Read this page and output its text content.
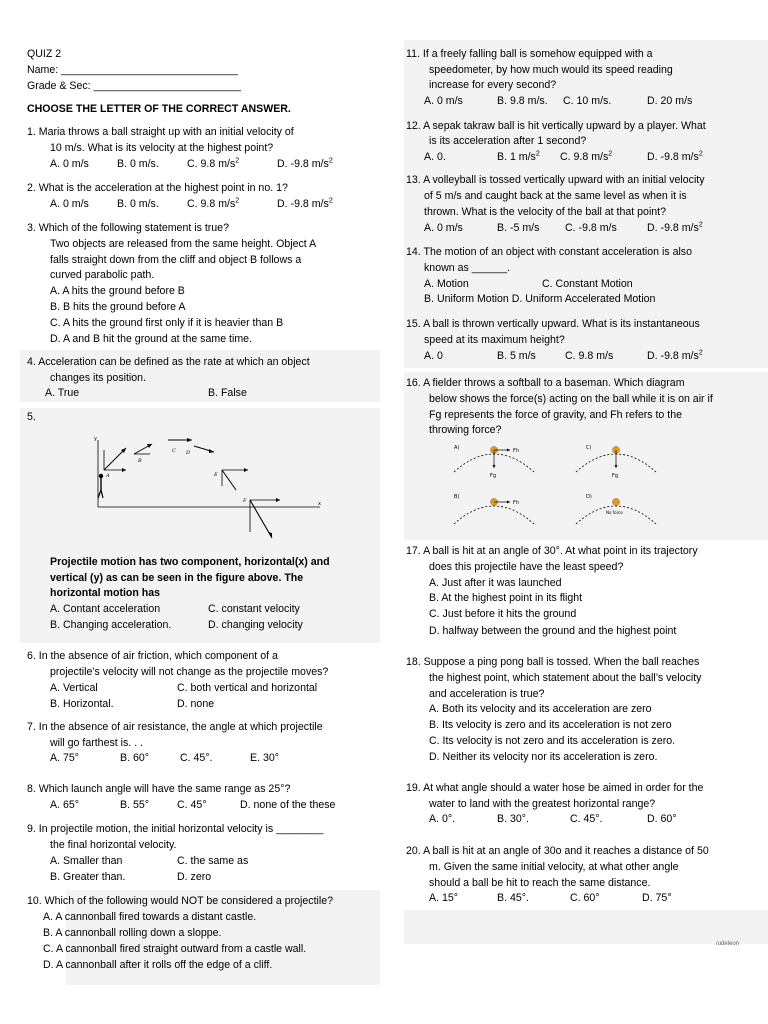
QUIZ 2
Name: ______________________________
Grade & Sec: _________________________
CHOOSE THE LETTER OF THE CORRECT ANSWER.
1. Maria throws a ball straight up with an initial velocity of
10 m/s. What is its velocity at the highest point?
A. 0 m/s	B. 0 m/s.	C. 9.8 $m/s^2$	D. -9.8 $m/s^2$
2. What is the acceleration at the highest point in no. 1?
A. 0 m/s	B. 0 m/s.	C. 9.8 $m/s^2$	D. -9.8 $m/s^2$
3. Which of the following statement is true?
Two objects are released from the same height. Object A
falls straight down from the cliff and object B follows a
curved parabolic path.
A. A hits the ground before B
B. B hits the ground before A
C. A hits the ground first only if it is heavier than B
D. A and B hit the ground at the same time.
4. Acceleration can be defined as the rate at which an object
changes its position.
A. True	B. False
5.
y
x
A
B
C D
E
F
Projectile motion has two component, horizontal(x) and
vertical (y) as can be seen in the figure above. The
horizontal motion has
A. Contant acceleration	C. constant velocity
B. Changing acceleration.	D. changing velocity
6. In the absence of air friction, which component of a
projectile’s velocity will not change as the projectile moves?
A. Vertical	C. both vertical and horizontal
B. Horizontal.	D. none
7. In the absence of air resistance, the angle at which projectile
will go farthest is. . .
A. 75°	B. 60°	C. 45°.	E. 30°
8. Which launch angle will have the same range as 25°?
A. 65°	B. 55°	C. 45°	D. none of the these
9. In projectile motion, the initial horizontal velocity is ________
the final horizontal velocity.
A. Smaller than	C. the same as
B. Greater than.	D. zero
10. Which of the following would NOT be considered a projectile?
A. A cannonball fired towards a distant castle.
B. A cannonball rolling down a sloppe.
C. A cannonball fired straight outward from a castle wall.
D. A cannonball after it rolls off the edge of a cliff.
11. If a freely falling ball is somehow equipped with a
speedometer, by how much would its speed reading
increase for every second?
A. 0 m/s	B. 9.8 m/s. C. 10 m/s.	D. 20 m/s
12. A sepak takraw ball is hit vertically upward by a player. What
is its acceleration after 1 second?
A. 0.	B. 1 $m/s^2$ C. 9.8 $m/s^2$	D. -9.8 $m/s^2$
13. A volleyball is tossed vertically upward with an initial velocity
of 5 m/s and caught back at the same level as when it is
thrown. What is the velocity of the ball at that point?
A. 0 m/s	B. -5 m/s C. -9.8 m/s	D. -9.8 $m/s^2$
14. The motion of an object with constant acceleration is also
known as ______.
A. Motion	C. Constant Motion
B. Uniform Motion D. Uniform Accelerated Motion
15. A ball is thrown vertically upward. What is its instantaneous
speed at its maximum height?
A. 0	B. 5 m/s	C. 9.8 m/s	D. -9.8 $m/s^2$
16. A fielder throws a softball to a baseman. Which diagram
below shows the force(s) acting on the ball while it is on air if
Fg represents the force of gravity, and Fh refers to the
throwing force?
A)	Fh
Fg
C)
Fg
B)
Fh
D)
No force
17. A ball is hit at an angle of 30°. At what point in its trajectory
does this projectile have the least speed?
A. Just after it was launched
B. At the highest point in its flight
C. Just before it hits the ground
D. halfway between the ground and the highest point
18. Suppose a ping pong ball is tossed. When the ball reaches
the highest point, which statement about the ball’s velocity
and acceleration is true?
A. Both its velocity and its acceleration are zero
B. Its velocity is zero and its acceleration is not zero
C. Its velocity is not zero and its acceleration is zero.
D. Neither its velocity nor its acceleration is zero.
19. At what angle should a water hose be aimed in order for the
water to land with the greatest horizontal range?
A. 0°.	B. 30°.	C. 45°.	D. 60°
20. A ball is hit at an angle of 30o and it reaches a distance of 50
m. Given the same initial velocity, at what other angle
should a ball be hit to reach the same distance.
A. 15°	B. 45°.	C. 60°	D. 75°
/udeleon
